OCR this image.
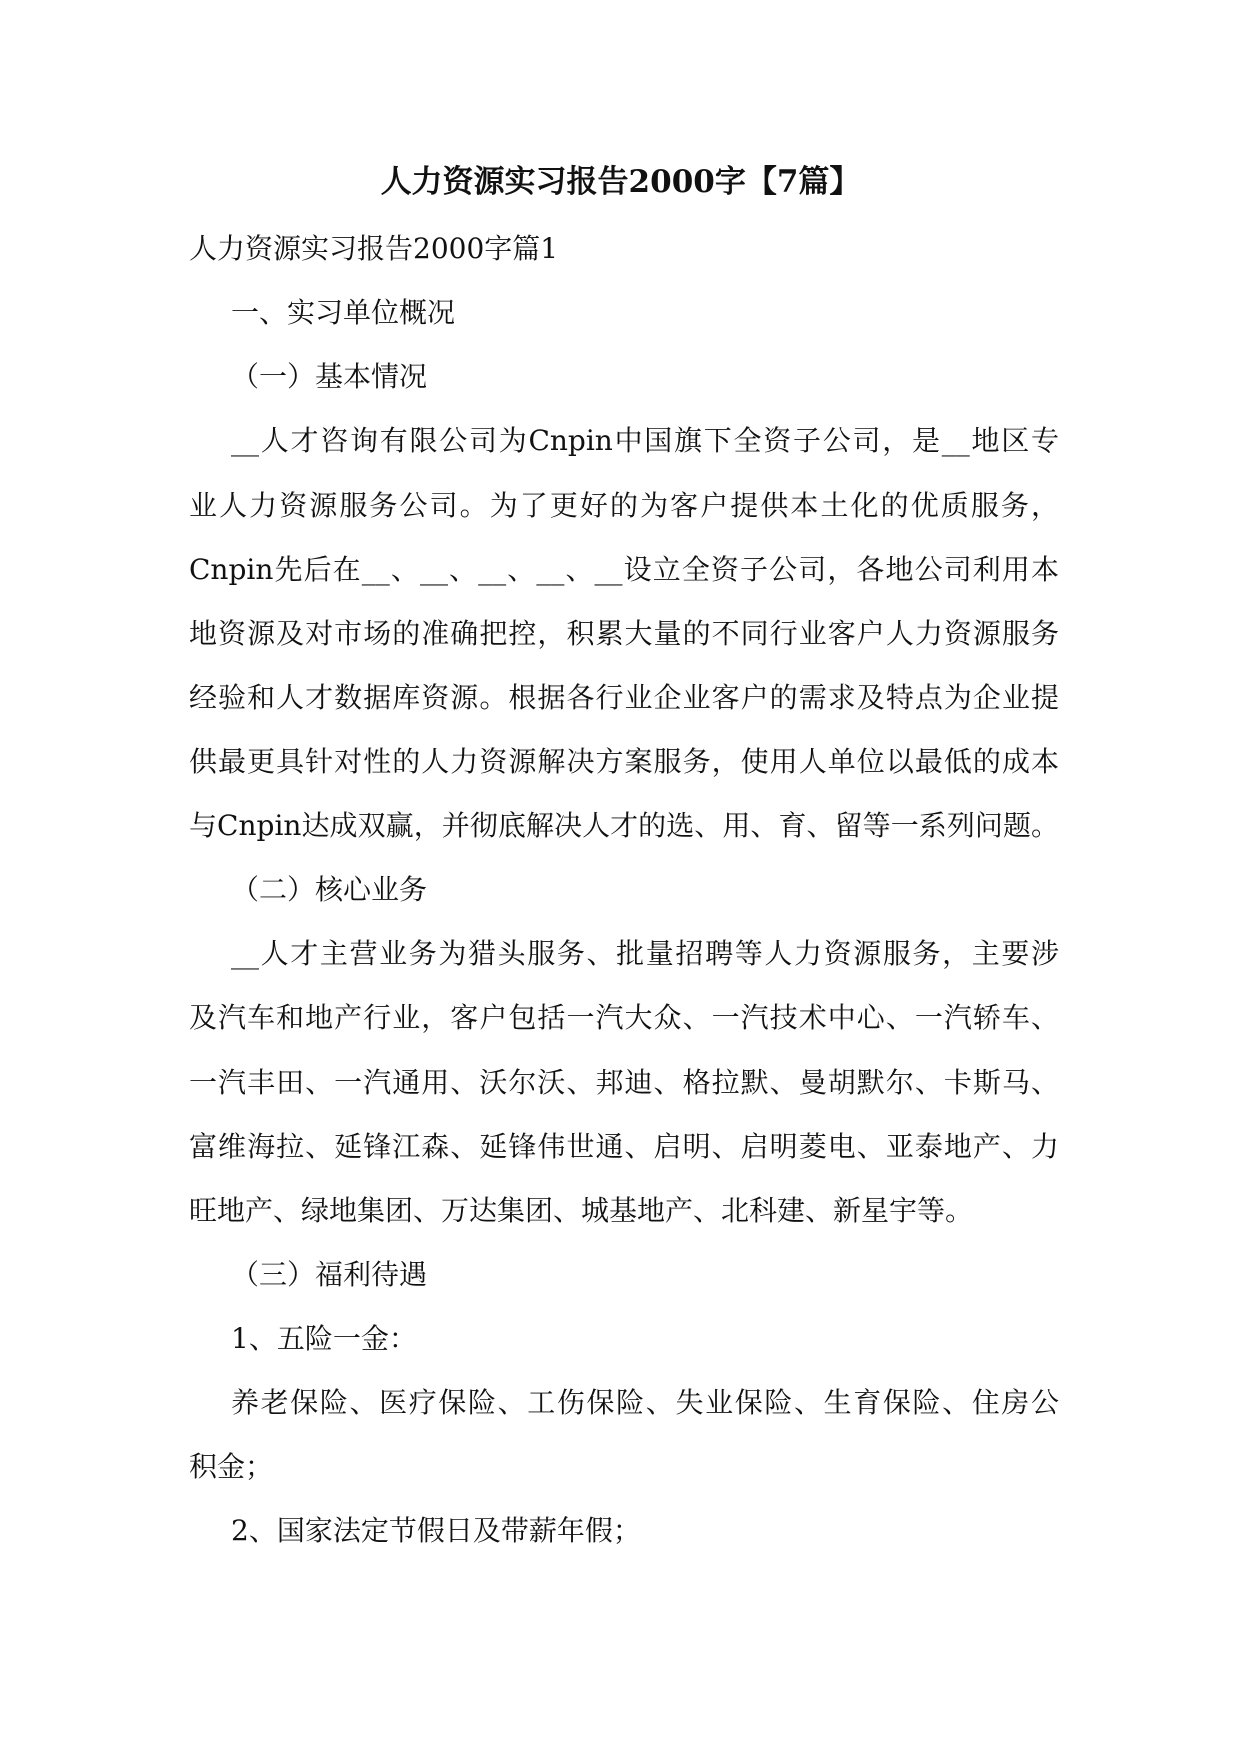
人力资源实习报告2000字【7篇】

人力资源实习报告2000字篇1

一、实习单位概况

（一）基本情况

__人才咨询有限公司为Cnpin中国旗下全资子公司，是__地区专

业人力资源服务公司。为了更好的为客户提供本土化的优质服务，

Cnpin先后在__、__、__、__、__设立全资子公司，各地公司利用本

地资源及对市场的准确把控，积累大量的不同行业客户人力资源服务

经验和人才数据库资源。根据各行业企业客户的需求及特点为企业提

供最更具针对性的人力资源解决方案服务，使用人单位以最低的成本

与Cnpin达成双赢，并彻底解决人才的选、用、育、留等一系列问题。

（二）核心业务

__人才主营业务为猎头服务、批量招聘等人力资源服务，主要涉

及汽车和地产行业，客户包括一汽大众、一汽技术中心、一汽轿车、

一汽丰田、一汽通用、沃尔沃、邦迪、格拉默、曼胡默尔、卡斯马、

富维海拉、延锋江森、延锋伟世通、启明、启明菱电、亚泰地产、力

旺地产、绿地集团、万达集团、城基地产、北科建、新星宇等。

（三）福利待遇

1、五险一金：

养老保险、医疗保险、工伤保险、失业保险、生育保险、住房公

积金；

2、国家法定节假日及带薪年假；
